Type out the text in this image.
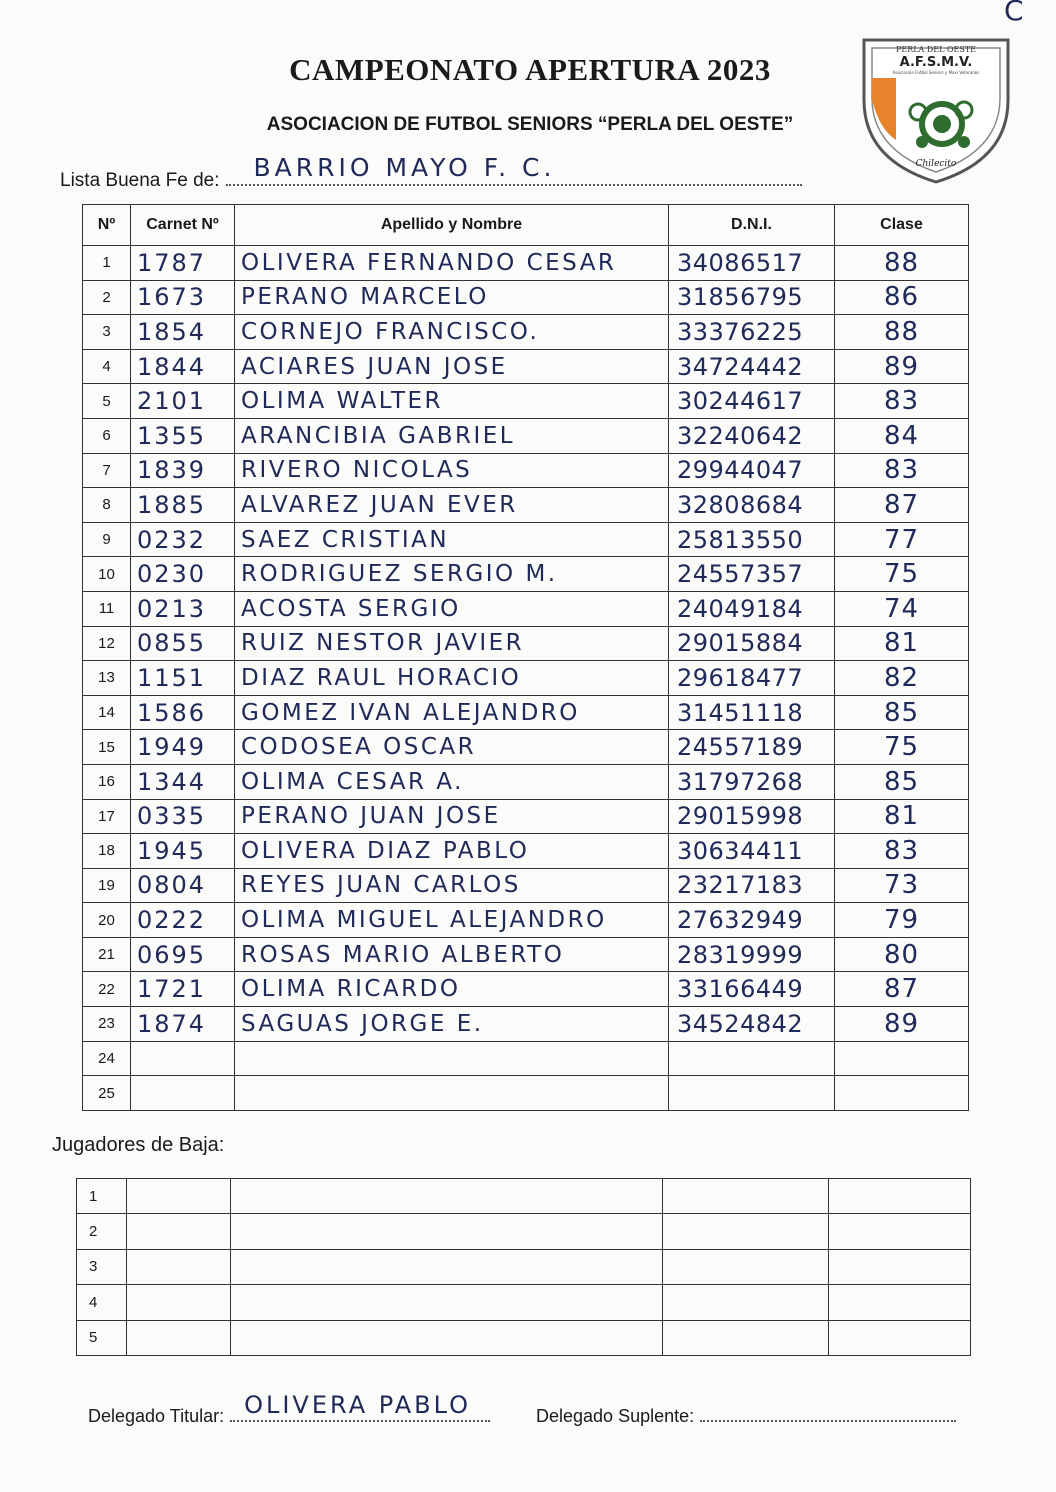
C
CAMPEONATO APERTURA 2023
ASOCIACION DE FUTBOL SENIORS “PERLA DEL OESTE”
Lista Buena Fe de: BARRIO MAYO F. C.
PERLA DEL OESTE
A.F.S.M.V.
Asociación Futbol Seniors y Maxi Veteranos
Chilecito
Nº	Carnet Nº	Apellido y Nombre	D.N.I.	Clase
1	1787	OLIVERA FERNANDO CESAR	34086517	88
2	1673	PERANO MARCELO	31856795	86
3	1854	CORNEJO FRANCISCO.	33376225	88
4	1844	ACIARES JUAN JOSE	34724442	89
5	2101	OLIMA WALTER	30244617	83
6	1355	ARANCIBIA GABRIEL	32240642	84
7	1839	RIVERO NICOLAS	29944047	83
8	1885	ALVAREZ JUAN EVER	32808684	87
9	0232	SAEZ CRISTIAN	25813550	77
10	0230	RODRIGUEZ SERGIO M.	24557357	75
11	0213	ACOSTA SERGIO	24049184	74
12	0855	RUIZ NESTOR JAVIER	29015884	81
13	1151	DIAZ RAUL HORACIO	29618477	82
14	1586	GOMEZ IVAN ALEJANDRO	31451118	85
15	1949	CODOSEA OSCAR	24557189	75
16	1344	OLIMA CESAR A.	31797268	85
17	0335	PERANO JUAN JOSE	29015998	81
18	1945	OLIVERA DIAZ PABLO	30634411	83
19	0804	REYES JUAN CARLOS	23217183	73
20	0222	OLIMA MIGUEL ALEJANDRO	27632949	79
21	0695	ROSAS MARIO ALBERTO	28319999	80
22	1721	OLIMA RICARDO	33166449	87
23	1874	SAGUAS JORGE E.	34524842	89
24				
25				
Jugadores de Baja:
1				
2				
3				
4				
5				
Delegado Titular: OLIVERA PABLO	Delegado Suplente:
